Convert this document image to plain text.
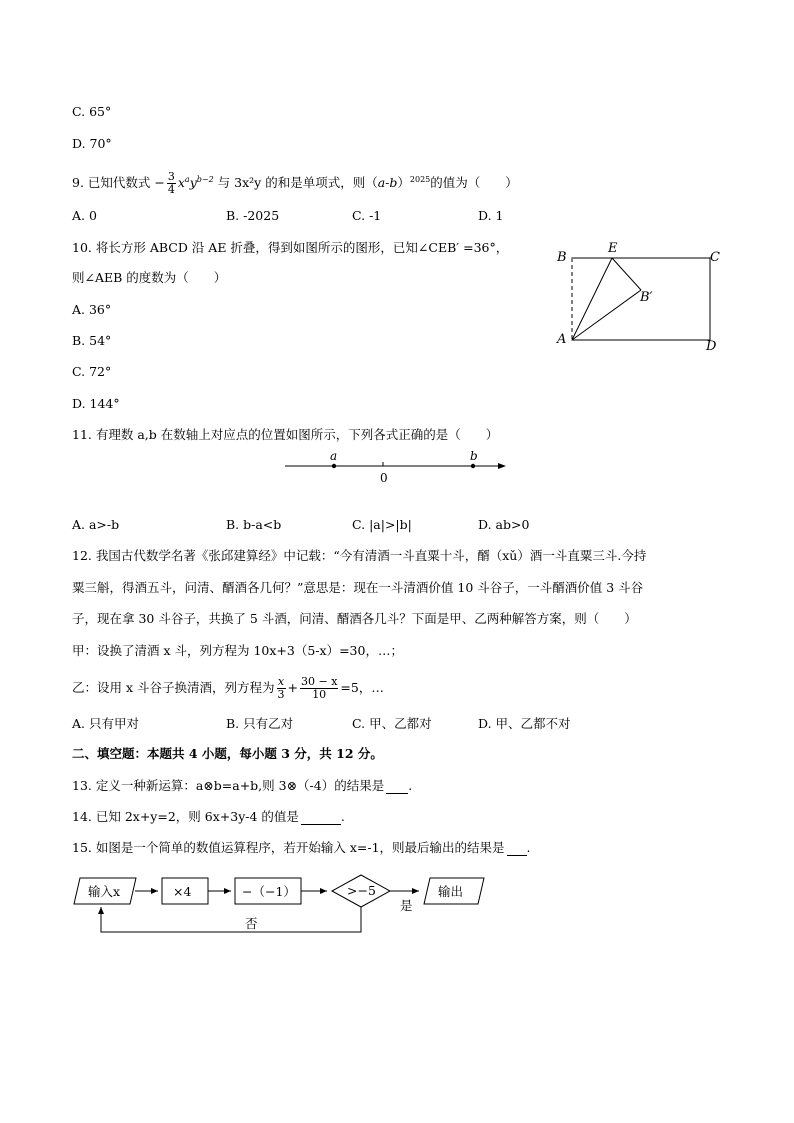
C. 65°
D. 70°
9. 已知代数式 − $\frac{3}{4} x^ay^{b-2}$ 与 3x²y 的和是单项式，则$(a-b)^{2025}$的值为（　　）
A. 0	B. -2025	C. -1	D. 1
10. 将长方形 ABCD 沿 AE 折叠，得到如图所示的图形，已知∠CEB′ =36°，
则∠AEB 的度数为（　　）
A. 36°
B. 54°
C. 72°
D. 144°
B
E
C
B′
A	D
11. 有理数 a,b 在数轴上对应点的位置如图所示，下列各式正确的是（　　）
a
0
b
A. a>-b	B. b-a<b	C. |a|>|b|	D. ab>0
12. 我国古代数学名著《张邱建算经》中记载：“今有清酒一斗直粟十斗，醑（xǔ）酒一斗直粟三斗.今持
粟三斛，得酒五斗，问清、醑酒各几何？”意思是：现在一斗清酒价值 10 斗谷子，一斗醑酒价值 3 斗谷
子，现在拿 30 斗谷子，共换了 5 斗酒，问清、醑酒各几斗？下面是甲、乙两种解答方案，则（　　）
甲：设换了清酒 x 斗，列方程为 10x+3（5-x）=30，…；
乙：设用 x 斗谷子换清酒，列方程为 $\frac{x}{3} + \frac{30 - x}{10} =5$，…
A. 只有甲对	B. 只有乙对	C. 甲、乙都对	D. 甲、乙都不对
二、填空题：本题共 4 小题，每小题 3 分，共 12 分。
13. 定义一种新运算：a⊗b=a+b,则 3⊗（-4）的结果是 .
14. 已知 2x+y=2，则 6x+3y-4 的值是	.
15. 如图是一个简单的数值运算程序，若开始输入 x=-1，则最后输出的结果是 .
输入x	×4	−（−1）	>−5
是
输出
否
